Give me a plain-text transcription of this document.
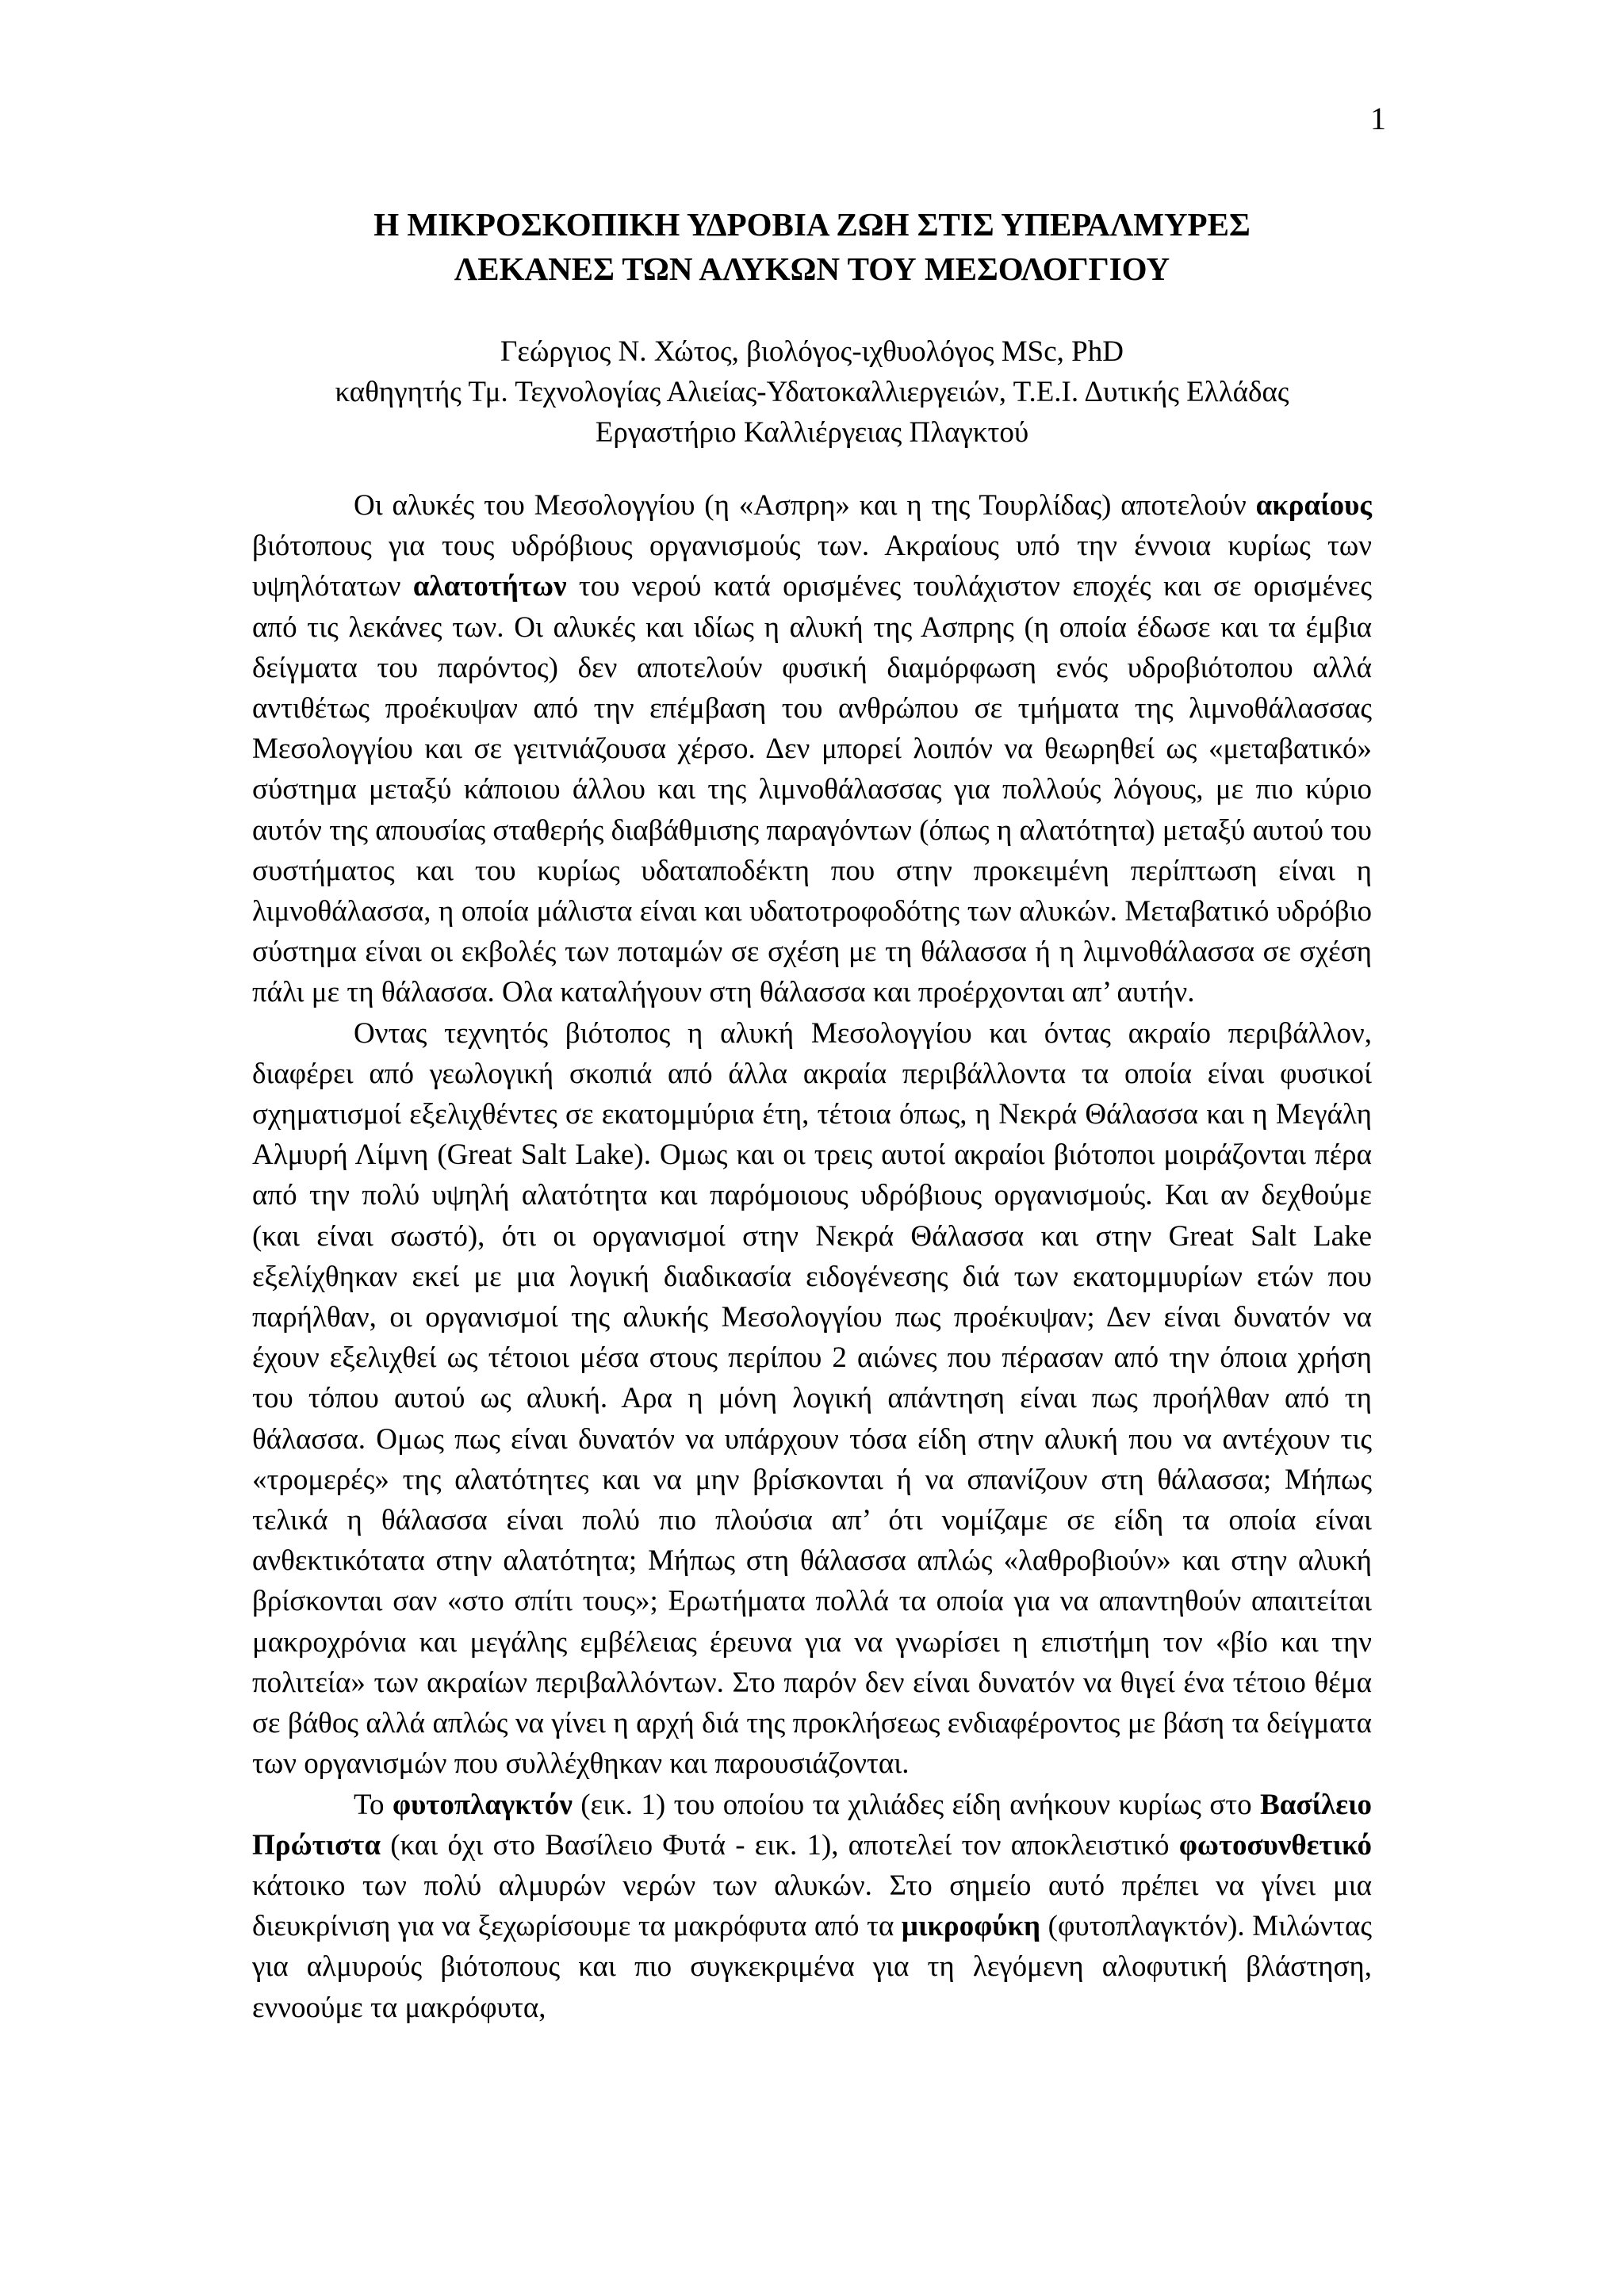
1
Η ΜΙΚΡΟΣΚΟΠΙΚΗ ΥΔΡΟΒΙΑ ΖΩΗ ΣΤΙΣ ΥΠΕΡΑΛΜΥΡΕΣ
ΛΕΚΑΝΕΣ ΤΩΝ ΑΛΥΚΩΝ ΤΟΥ ΜΕΣΟΛΟΓΓΙΟΥ
Γεώργιος Ν. Χώτος, βιολόγος-ιχθυολόγος MSc, PhD
καθηγητής Τμ. Τεχνολογίας Αλιείας-Υδατοκαλλιεργειών, Τ.Ε.Ι. Δυτικής Ελλάδας
Εργαστήριο Καλλιέργειας Πλαγκτού

Οι αλυκές του Μεσολογγίου (η «Ασπρη» και η της Τουρλίδας) αποτελούν ακραίους βιότοπους για τους υδρόβιους οργανισμούς των. Ακραίους υπό την έννοια κυρίως των υψηλότατων αλατοτήτων του νερού κατά ορισμένες τουλάχιστον εποχές και σε ορισμένες από τις λεκάνες των. Οι αλυκές και ιδίως η αλυκή της Ασπρης (η οποία έδωσε και τα έμβια δείγματα του παρόντος) δεν αποτελούν φυσική διαμόρφωση ενός υδροβιότοπου αλλά αντιθέτως προέκυψαν από την επέμβαση του ανθρώπου σε τμήματα της λιμνοθάλασσας Μεσολογγίου και σε γειτνιάζουσα χέρσο. Δεν μπορεί λοιπόν να θεωρηθεί ως «μεταβατικό» σύστημα μεταξύ κάποιου άλλου και της λιμνοθάλασσας για πολλούς λόγους, με πιο κύριο αυτόν της απουσίας σταθερής διαβάθμισης παραγόντων (όπως η αλατότητα) μεταξύ αυτού του συστήματος και του κυρίως υδαταποδέκτη που στην προκειμένη περίπτωση είναι η λιμνοθάλασσα, η οποία μάλιστα είναι και υδατοτροφοδότης των αλυκών. Μεταβατικό υδρόβιο σύστημα είναι οι εκβολές των ποταμών σε σχέση με τη θάλασσα ή η λιμνοθάλασσα σε σχέση πάλι με τη θάλασσα. Ολα καταλήγουν στη θάλασσα και προέρχονται απ’ αυτήν.

Οντας τεχνητός βιότοπος η αλυκή Μεσολογγίου και όντας ακραίο περιβάλλον, διαφέρει από γεωλογική σκοπιά από άλλα ακραία περιβάλλοντα τα οποία είναι φυσικοί σχηματισμοί εξελιχθέντες σε εκατομμύρια έτη, τέτοια όπως, η Νεκρά Θάλασσα και η Μεγάλη Αλμυρή Λίμνη (Great Salt Lake). Ομως και οι τρεις αυτοί ακραίοι βιότοποι μοιράζονται πέρα από την πολύ υψηλή αλατότητα και παρόμοιους υδρόβιους οργανισμούς. Και αν δεχθούμε (και είναι σωστό), ότι οι οργανισμοί στην Νεκρά Θάλασσα και στην Great Salt Lake εξελίχθηκαν εκεί με μια λογική διαδικασία ειδογένεσης διά των εκατομμυρίων ετών που παρήλθαν, οι οργανισμοί της αλυκής Μεσολογγίου πως προέκυψαν; Δεν είναι δυνατόν να έχουν εξελιχθεί ως τέτοιοι μέσα στους περίπου 2 αιώνες που πέρασαν από την όποια χρήση του τόπου αυτού ως αλυκή. Αρα η μόνη λογική απάντηση είναι πως προήλθαν από τη θάλασσα. Ομως πως είναι δυνατόν να υπάρχουν τόσα είδη στην αλυκή που να αντέχουν τις «τρομερές» της αλατότητες και να μην βρίσκονται ή να σπανίζουν στη θάλασσα; Μήπως τελικά η θάλασσα είναι πολύ πιο πλούσια απ’ ότι νομίζαμε σε είδη τα οποία είναι ανθεκτικότατα στην αλατότητα; Μήπως στη θάλασσα απλώς «λαθροβιούν» και στην αλυκή βρίσκονται σαν «στο σπίτι τους»; Ερωτήματα πολλά τα οποία για να απαντηθούν απαιτείται μακροχρόνια και μεγάλης εμβέλειας έρευνα για να γνωρίσει η επιστήμη τον «βίο και την πολιτεία» των ακραίων περιβαλλόντων. Στο παρόν δεν είναι δυνατόν να θιγεί ένα τέτοιο θέμα σε βάθος αλλά απλώς να γίνει η αρχή διά της προκλήσεως ενδιαφέροντος με βάση τα δείγματα των οργανισμών που συλλέχθηκαν και παρουσιάζονται.

Το φυτοπλαγκτόν (εικ. 1) του οποίου τα χιλιάδες είδη ανήκουν κυρίως στο Βασίλειο Πρώτιστα (και όχι στο Βασίλειο Φυτά - εικ. 1), αποτελεί τον αποκλειστικό φωτοσυνθετικό κάτοικο των πολύ αλμυρών νερών των αλυκών. Στο σημείο αυτό πρέπει να γίνει μια διευκρίνιση για να ξεχωρίσουμε τα μακρόφυτα από τα μικροφύκη (φυτοπλαγκτόν). Μιλώντας για αλμυρούς βιότοπους και πιο συγκεκριμένα για τη λεγόμενη αλοφυτική βλάστηση, εννοούμε τα μακρόφυτα,
